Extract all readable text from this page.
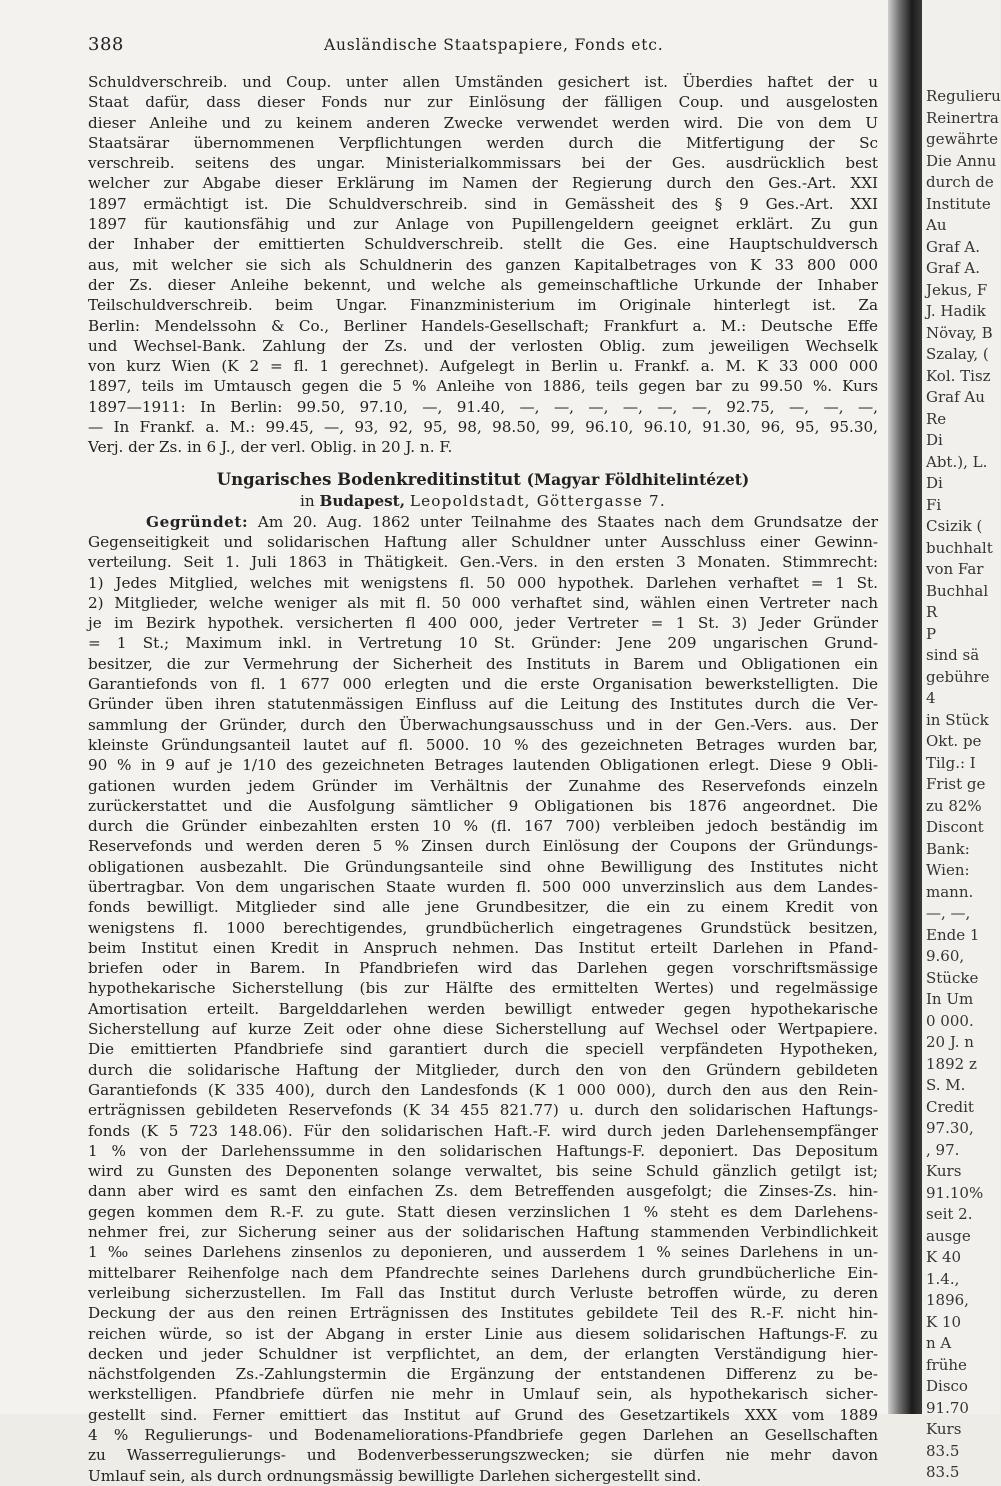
388	Ausländische Staatspapiere, Fonds etc.
Schuldverschreib. und Coup. unter allen Umständen gesichert ist. Überdies haftet der u
Staat dafür, dass dieser Fonds nur zur Einlösung der fälligen Coup. und ausgelosten
dieser Anleihe und zu keinem anderen Zwecke verwendet werden wird. Die von dem U
Staatsärar übernommenen Verpflichtungen werden durch die Mitfertigung der Sc
verschreib. seitens des ungar. Ministerialkommissars bei der Ges. ausdrücklich best
welcher zur Abgabe dieser Erklärung im Namen der Regierung durch den Ges.-Art. XXI
1897 ermächtigt ist. Die Schuldverschreib. sind in Gemässheit des § 9 Ges.-Art. XXI
1897 für kautionsfähig und zur Anlage von Pupillengeldern geeignet erklärt. Zu gun
der Inhaber der emittierten Schuldverschreib. stellt die Ges. eine Hauptschuldversch
aus, mit welcher sie sich als Schuldnerin des ganzen Kapitalbetrages von K 33 800 000
der Zs. dieser Anleihe bekennt, und welche als gemeinschaftliche Urkunde der Inhaber
Teilschuldverschreib. beim Ungar. Finanzministerium im Originale hinterlegt ist. Za
Berlin: Mendelssohn & Co., Berliner Handels-Gesellschaft; Frankfurt a. M.: Deutsche Effe
und Wechsel-Bank. Zahlung der Zs. und der verlosten Oblig. zum jeweiligen Wechselk
von kurz Wien (K 2 = fl. 1 gerechnet). Aufgelegt in Berlin u. Frankf. a. M. K 33 000 000
1897, teils im Umtausch gegen die 5 % Anleihe von 1886, teils gegen bar zu 99.50 %. Kurs
1897—1911: In Berlin: 99.50, 97.10, —, 91.40, —, —, —, —, —, —, 92.75, —, —, —,
— In Frankf. a. M.: 99.45, —, 93, 92, 95, 98, 98.50, 99, 96.10, 96.10, 91.30, 96, 95, 95.30,
Verj. der Zs. in 6 J., der verl. Oblig. in 20 J. n. F.
Ungarisches Bodenkreditinstitut (Magyar Földhitelintézet)
in Budapest, Leopoldstadt, Göttergasse 7.
Gegründet: Am 20. Aug. 1862 unter Teilnahme des Staates nach dem Grundsatze der
Gegenseitigkeit und solidarischen Haftung aller Schuldner unter Ausschluss einer Gewinn-
verteilung. Seit 1. Juli 1863 in Thätigkeit. Gen.-Vers. in den ersten 3 Monaten. Stimmrecht:
1) Jedes Mitglied, welches mit wenigstens fl. 50 000 hypothek. Darlehen verhaftet = 1 St.
2) Mitglieder, welche weniger als mit fl. 50 000 verhaftet sind, wählen einen Vertreter nach
je im Bezirk hypothek. versicherten fl 400 000, jeder Vertreter = 1 St. 3) Jeder Gründer
= 1 St.; Maximum inkl. in Vertretung 10 St. Gründer: Jene 209 ungarischen Grund-
besitzer, die zur Vermehrung der Sicherheit des Instituts in Barem und Obligationen ein
Garantiefonds von fl. 1 677 000 erlegten und die erste Organisation bewerkstelligten. Die
Gründer üben ihren statutenmässigen Einfluss auf die Leitung des Institutes durch die Ver-
sammlung der Gründer, durch den Überwachungsausschuss und in der Gen.-Vers. aus. Der
kleinste Gründungsanteil lautet auf fl. 5000. 10 % des gezeichneten Betrages wurden bar,
90 % in 9 auf je 1/10 des gezeichneten Betrages lautenden Obligationen erlegt. Diese 9 Obli-
gationen wurden jedem Gründer im Verhältnis der Zunahme des Reservefonds einzeln
zurückerstattet und die Ausfolgung sämtlicher 9 Obligationen bis 1876 angeordnet. Die
durch die Gründer einbezahlten ersten 10 % (fl. 167 700) verbleiben jedoch beständig im
Reservefonds und werden deren 5 % Zinsen durch Einlösung der Coupons der Gründungs-
obligationen ausbezahlt. Die Gründungsanteile sind ohne Bewilligung des Institutes nicht
übertragbar. Von dem ungarischen Staate wurden fl. 500 000 unverzinslich aus dem Landes-
fonds bewilligt. Mitglieder sind alle jene Grundbesitzer, die ein zu einem Kredit von
wenigstens fl. 1000 berechtigendes, grundbücherlich eingetragenes Grundstück besitzen,
beim Institut einen Kredit in Anspruch nehmen. Das Institut erteilt Darlehen in Pfand-
briefen oder in Barem. In Pfandbriefen wird das Darlehen gegen vorschriftsmässige
hypothekarische Sicherstellung (bis zur Hälfte des ermittelten Wertes) und regelmässige
Amortisation erteilt. Bargelddarlehen werden bewilligt entweder gegen hypothekarische
Sicherstellung auf kurze Zeit oder ohne diese Sicherstellung auf Wechsel oder Wertpapiere.
Die emittierten Pfandbriefe sind garantiert durch die speciell verpfändeten Hypotheken,
durch die solidarische Haftung der Mitglieder, durch den von den Gründern gebildeten
Garantiefonds (K 335 400), durch den Landesfonds (K 1 000 000), durch den aus den Rein-
erträgnissen gebildeten Reservefonds (K 34 455 821.77) u. durch den solidarischen Haftungs-
fonds (K 5 723 148.06). Für den solidarischen Haft.-F. wird durch jeden Darlehensempfänger
1 % von der Darlehenssumme in den solidarischen Haftungs-F. deponiert. Das Depositum
wird zu Gunsten des Deponenten solange verwaltet, bis seine Schuld gänzlich getilgt ist;
dann aber wird es samt den einfachen Zs. dem Betreffenden ausgefolgt; die Zinses-Zs. hin-
gegen kommen dem R.-F. zu gute. Statt diesen verzinslichen 1 % steht es dem Darlehens-
nehmer frei, zur Sicherung seiner aus der solidarischen Haftung stammenden Verbindlichkeit
1 ‰ seines Darlehens zinsenlos zu deponieren, und ausserdem 1 % seines Darlehens in un-
mittelbarer Reihenfolge nach dem Pfandrechte seines Darlehens durch grundbücherliche Ein-
verleibung sicherzustellen. Im Fall das Institut durch Verluste betroffen würde, zu deren
Deckung der aus den reinen Erträgnissen des Institutes gebildete Teil des R.-F. nicht hin-
reichen würde, so ist der Abgang in erster Linie aus diesem solidarischen Haftungs-F. zu
decken und jeder Schuldner ist verpflichtet, an dem, der erlangten Verständigung hier-
nächstfolgenden Zs.-Zahlungstermin die Ergänzung der entstandenen Differenz zu be-
werkstelligen. Pfandbriefe dürfen nie mehr in Umlauf sein, als hypothekarisch sicher-
gestellt sind. Ferner emittiert das Institut auf Grund des Gesetzartikels XXX vom 1889
4 % Regulierungs- und Bodenameliorations-Pfandbriefe gegen Darlehen an Gesellschaften
zu Wasserregulierungs- und Bodenverbesserungszwecken; sie dürfen nie mehr davon
Umlauf sein, als durch ordnungsmässig bewilligte Darlehen sichergestellt sind.
Regulieru
Reinertra
gewährte
Die Annu
durch de
Institute
Au
Graf A.
Graf A.
Jekus, F
J. Hadik
Növay, B
Szalay, (
Kol. Tisz
Graf Au
Re
Di
Abt.), L.
Di
Fi
Csizik (
buchhalt
von Far
Buchhal
R
P
sind sä
gebühre
4
in Stück
Okt. pe
Tilg.: I
Frist ge
zu 82%
Discont
Bank:
Wien:
mann.
—, —,
Ende 1
9.60,
Stücke
In Um
0 000.
20 J. n
1892 z
S. M.
Credit
97.30,
, 97.
Kurs
91.10%
seit 2.
ausge
K 40
1.4.,
1896,
K 10
n A
frühe
Disco
91.70
Kurs
83.5
83.5
